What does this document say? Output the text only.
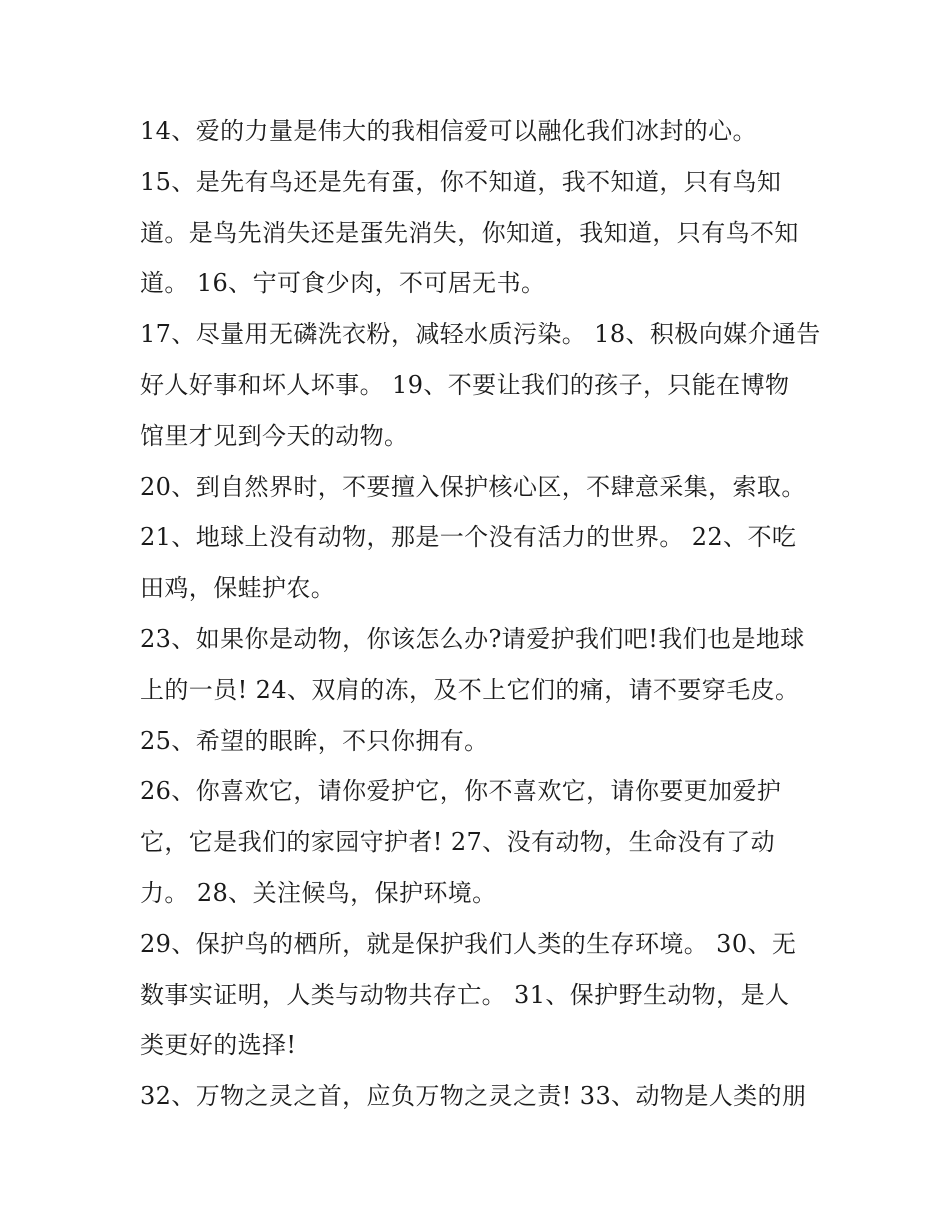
14、爱的力量是伟大的我相信爱可以融化我们冰封的心。
15、是先有鸟还是先有蛋，你不知道，我不知道，只有鸟知
道。是鸟先消失还是蛋先消失，你知道，我知道，只有鸟不知
道。 16、宁可食少肉，不可居无书。
17、尽量用无磷洗衣粉，减轻水质污染。 18、积极向媒介通告
好人好事和坏人坏事。 19、不要让我们的孩子，只能在博物
馆里才见到今天的动物。
20、到自然界时，不要擅入保护核心区，不肆意采集，索取。
21、地球上没有动物，那是一个没有活力的世界。 22、不吃
田鸡，保蛙护农。
23、如果你是动物，你该怎么办?请爱护我们吧!我们也是地球
上的一员! 24、双肩的冻，及不上它们的痛，请不要穿毛皮。
25、希望的眼眸，不只你拥有。
26、你喜欢它，请你爱护它，你不喜欢它，请你要更加爱护
它，它是我们的家园守护者! 27、没有动物，生命没有了动
力。 28、关注候鸟，保护环境。
29、保护鸟的栖所，就是保护我们人类的生存环境。 30、无
数事实证明，人类与动物共存亡。 31、保护野生动物，是人
类更好的选择!
32、万物之灵之首，应负万物之灵之责! 33、动物是人类的朋
